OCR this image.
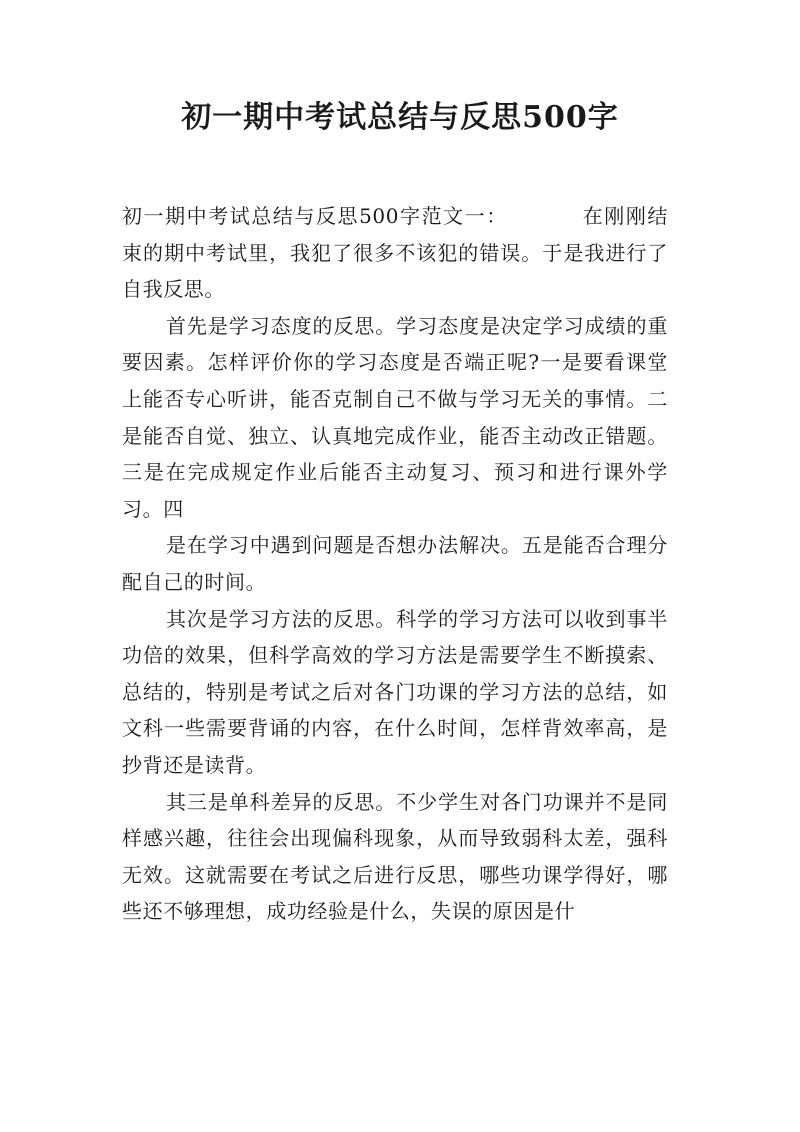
初一期中考试总结与反思500字

初一期中考试总结与反思500字范文一：	在刚刚结束的期中考试里，我犯了很多不该犯的错误。于是我进行了自我反思。

首先是学习态度的反思。学习态度是决定学习成绩的重要因素。怎样评价你的学习态度是否端正呢?一是要看课堂上能否专心听讲，能否克制自己不做与学习无关的事情。二是能否自觉、独立、认真地完成作业，能否主动改正错题。三是在完成规定作业后能否主动复习、预习和进行课外学习。四

是在学习中遇到问题是否想办法解决。五是能否合理分配自己的时间。

其次是学习方法的反思。科学的学习方法可以收到事半功倍的效果，但科学高效的学习方法是需要学生不断摸索、总结的，特别是考试之后对各门功课的学习方法的总结，如文科一些需要背诵的内容，在什么时间，怎样背效率高，是抄背还是读背。

其三是单科差异的反思。不少学生对各门功课并不是同样感兴趣，往往会出现偏科现象，从而导致弱科太差，强科无效。这就需要在考试之后进行反思，哪些功课学得好，哪些还不够理想，成功经验是什么，失误的原因是什
